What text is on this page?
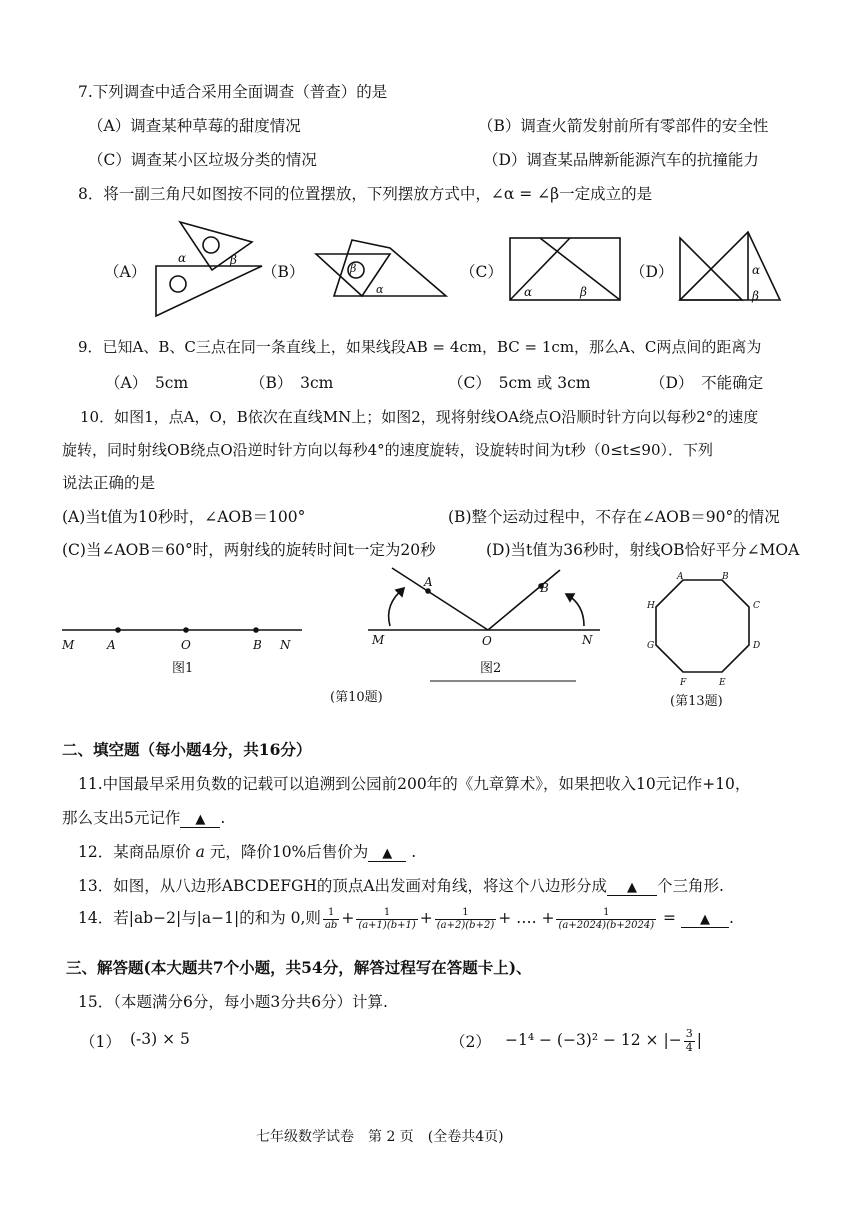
7.下列调查中适合采用全面调查（普查）的是
（A）调查某种草莓的甜度情况	（B）调查火箭发射前所有零部件的安全性
（C）调查某小区垃圾分类的情况	（D）调查某品牌新能源汽车的抗撞能力
8．将一副三角尺如图按不同的位置摆放，下列摆放方式中，∠α = ∠β一定成立的是
（A）	（B）	（C）	（D）
α	β
β
α	α	β
α
β
M	A	O	B N
A	B
M	O	N
A	B
C
D
E
F
G
H
9．已知A、B、C三点在同一条直线上，如果线段AB = 4cm，BC = 1cm，那么A、C两点间的距离为
（A）　5cm	（B）　3cm	（C）　5cm 或 3cm	（D）　不能确定
10．如图1，点A，O，B依次在直线MN上；如图2，现将射线OA绕点O沿顺时针方向以每秒2°的速度
旋转，同时射线OB绕点O沿逆时针方向以每秒4°的速度旋转，设旋转时间为t秒（0≤t≤90）．下列
说法正确的是
(A)当t值为10秒时，∠AOB＝100°	(B)整个运动过程中，不存在∠AOB＝90°的情况
(C)当∠AOB＝60°时，两射线的旋转时间t一定为20秒	(D)当t值为36秒时，射线OB恰好平分∠MOA
图1	图2
(第10题)	(第13题)
二、填空题（每小题4分，共16分）
11.中国最早采用负数的记载可以追溯到公园前200年的《九章算术》，如果把收入10元记作+10，
那么支出5元记作 ▲ .
12．某商品原价 a 元，降价10%后售价为 ▲ .
13．如图，从八边形ABCDEFGH的顶点A出发画对角线，将这个八边形分成 ▲ 个三角形.
14．若|ab−2|与|a−1|的和为 0,则 $\frac{1}{ab} + \frac{1}{(a+1)(b+1)} + \frac{1}{(a+2)(b+2)}$ + …. + $\frac{1}{(a+2024)(b+2024)}$ = ▲ .
三、解答题(本大题共7个小题，共54分，解答过程写在答题卡上)、
15．（本题满分6分，每小题3分共6分）计算.
（1） (-3) × 5	（2） −1⁴ − (−3)² − 12 × |− $\frac{3}{4}$ |
七年级数学试卷　第 2 页　(全卷共4页)
